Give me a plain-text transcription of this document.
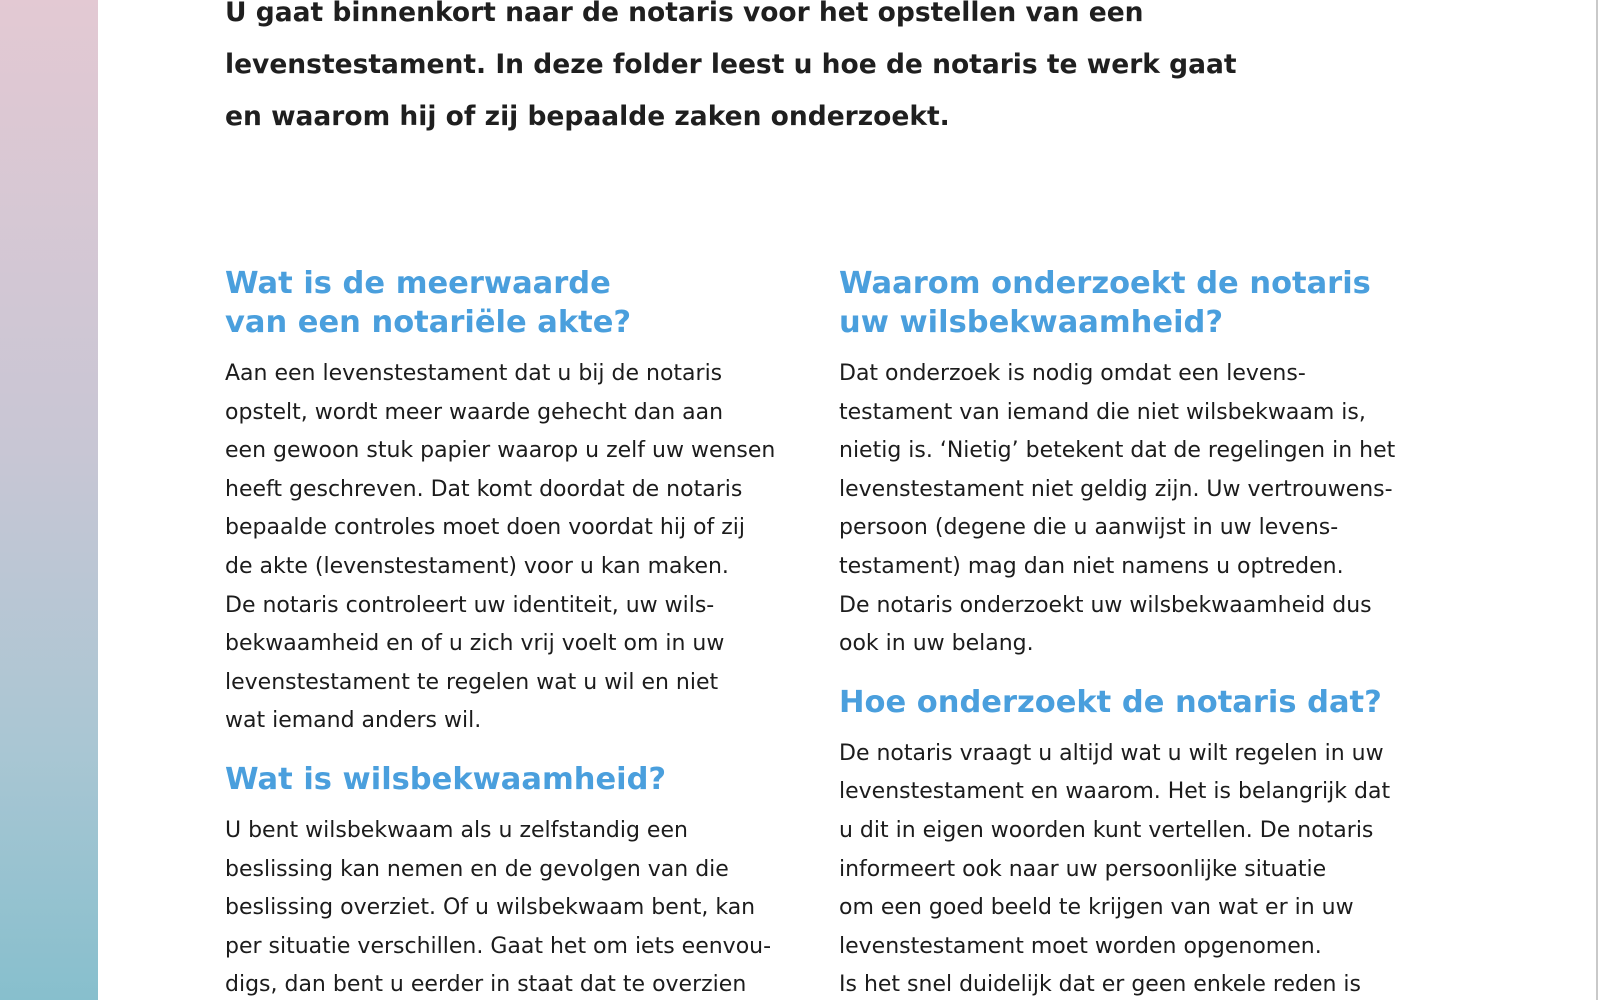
U gaat binnenkort naar de notaris voor het opstellen van een
levenstestament. In deze folder leest u hoe de notaris te werk gaat
en waarom hij of zij bepaalde zaken onderzoekt.

Wat is de meerwaarde
van een notariële akte?

Aan een levenstestament dat u bij de notaris
opstelt, wordt meer waarde gehecht dan aan
een gewoon stuk papier waarop u zelf uw wensen
heeft geschreven. Dat komt doordat de notaris
bepaalde controles moet doen voordat hij of zij
de akte (levenstestament) voor u kan maken.
De notaris controleert uw identiteit, uw wils-
bekwaamheid en of u zich vrij voelt om in uw
levenstestament te regelen wat u wil en niet
wat iemand anders wil.

Wat is wilsbekwaamheid?

U bent wilsbekwaam als u zelfstandig een
beslissing kan nemen en de gevolgen van die
beslissing overziet. Of u wilsbekwaam bent, kan
per situatie verschillen. Gaat het om iets eenvou-
digs, dan bent u eerder in staat dat te overzien

Waarom onderzoekt de notaris
uw wilsbekwaamheid?

Dat onderzoek is nodig omdat een levens-
testament van iemand die niet wilsbekwaam is,
nietig is. ‘Nietig’ betekent dat de regelingen in het
levenstestament niet geldig zijn. Uw vertrouwens-
persoon (degene die u aanwijst in uw levens-
testament) mag dan niet namens u optreden.
De notaris onderzoekt uw wilsbekwaamheid dus
ook in uw belang.

Hoe onderzoekt de notaris dat?

De notaris vraagt u altijd wat u wilt regelen in uw
levenstestament en waarom. Het is belangrijk dat
u dit in eigen woorden kunt vertellen. De notaris
informeert ook naar uw persoonlijke situatie
om een goed beeld te krijgen van wat er in uw
levenstestament moet worden opgenomen.
Is het snel duidelijk dat er geen enkele reden is
